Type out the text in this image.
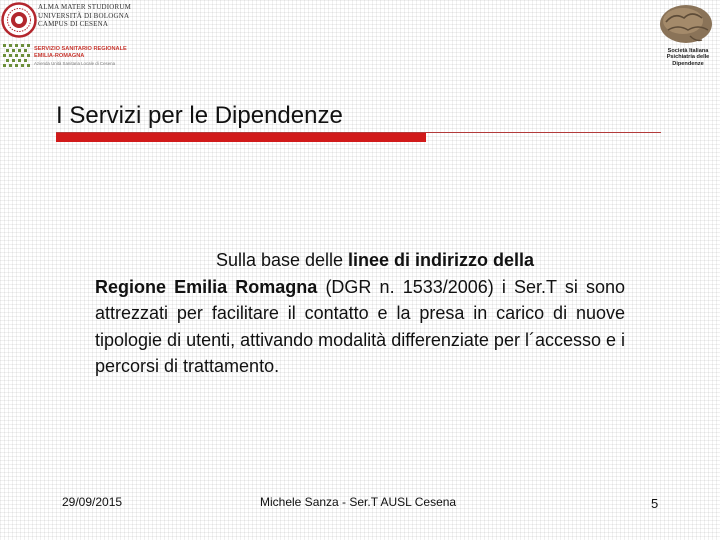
ALMA MATER STUDIORUM
UNIVERSITÀ DI BOLOGNA
CAMPUS DI CESENA
SERVIZIO SANITARIO REGIONALE
EMILIA-ROMAGNA
Azienda Unità Sanitaria Locale di Cesena
Società Italiana
Psichiatria delle
Dipendenze
I Servizi per le Dipendenze
Sulla base delle linee di indirizzo della
Regione Emilia Romagna (DGR n. 1533/2006) i Ser.T si sono attrezzati per facilitare il contatto e la presa in carico di nuove tipologie di utenti, attivando modalità differenziate per l´accesso e i percorsi di trattamento.
29/09/2015	Michele Sanza - Ser.T AUSL Cesena	5
